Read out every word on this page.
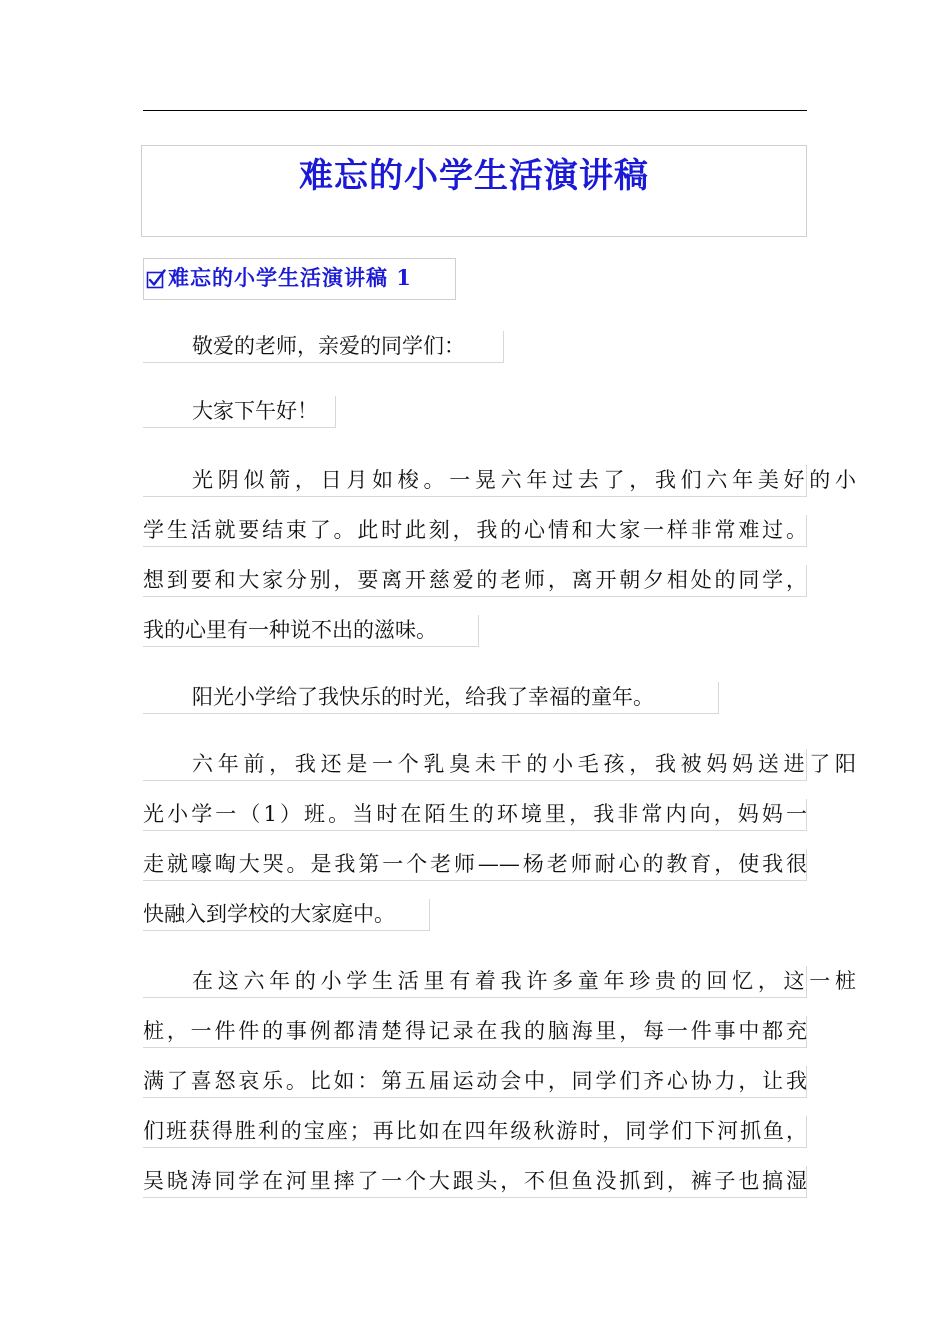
难忘的小学生活演讲稿
难忘的小学生活演讲稿 1
敬爱的老师，亲爱的同学们：
大家下午好！
光阴似箭，日月如梭。一晃六年过去了，我们六年美好的小
学生活就要结束了。此时此刻，我的心情和大家一样非常难过。
想到要和大家分别，要离开慈爱的老师，离开朝夕相处的同学，
我的心里有一种说不出的滋味。
阳光小学给了我快乐的时光，给我了幸福的童年。
六年前，我还是一个乳臭未干的小毛孩，我被妈妈送进了阳
光小学一（1）班。当时在陌生的环境里，我非常内向，妈妈一
走就嚎啕大哭。是我第一个老师——杨老师耐心的教育，使我很
快融入到学校的大家庭中。
在这六年的小学生活里有着我许多童年珍贵的回忆，这一桩
桩，一件件的事例都清楚得记录在我的脑海里，每一件事中都充
满了喜怒哀乐。比如：第五届运动会中，同学们齐心协力，让我
们班获得胜利的宝座；再比如在四年级秋游时，同学们下河抓鱼，
吴晓涛同学在河里摔了一个大跟头，不但鱼没抓到，裤子也搞湿
